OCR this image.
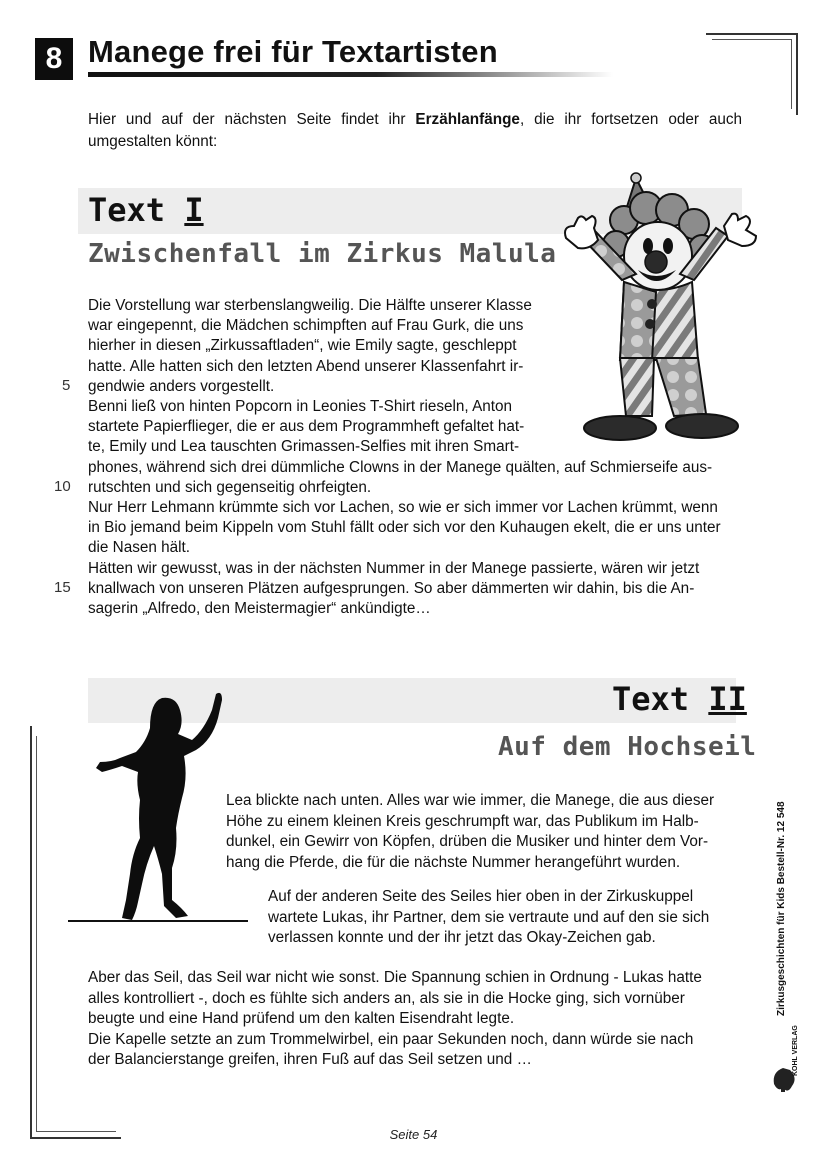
8 Manege frei für Textartisten
Hier und auf der nächsten Seite findet ihr Erzählanfänge, die ihr fortsetzen oder auch umgestalten könnt:
Text I
Zwischenfall im Zirkus Malula
Die Vorstellung war sterbenslangweilig. Die Hälfte unserer Klasse
war eingepennt, die Mädchen schimpften auf Frau Gurk, die uns
hierher in diesen „Zirkussaftladen“, wie Emily sagte, geschleppt
hatte. Alle hatten sich den letzten Abend unserer Klassenfahrt ir-
gendwie anders vorgestellt.
Benni ließ von hinten Popcorn in Leonies T-Shirt rieseln, Anton
startete Papierflieger, die er aus dem Programmheft gefaltet hat-
te, Emily und Lea tauschten Grimassen-Selfies mit ihren Smart-
phones, während sich drei dümmliche Clowns in der Manege quälten, auf Schmierseife aus-
rutschten und sich gegenseitig ohrfeigten.
Nur Herr Lehmann krümmte sich vor Lachen, so wie er sich immer vor Lachen krümmt, wenn
in Bio jemand beim Kippeln vom Stuhl fällt oder sich vor den Kuhaugen ekelt, die er uns unter
die Nasen hält.
Hätten wir gewusst, was in der nächsten Nummer in der Manege passierte, wären wir jetzt
knallwach von unseren Plätzen aufgesprungen. So aber dämmerten wir dahin, bis die An-
sagerin „Alfredo, den Meistermagier“ ankündigte…
5
10
15
Text II
Auf dem Hochseil
Lea blickte nach unten. Alles war wie immer, die Manege, die aus dieser
Höhe zu einem kleinen Kreis geschrumpft war, das Publikum im Halb-
dunkel, ein Gewirr von Köpfen, drüben die Musiker und hinter dem Vor-
hang die Pferde, die für die nächste Nummer herangeführt wurden.
Auf der anderen Seite des Seiles hier oben in der Zirkuskuppel
wartete Lukas, ihr Partner, dem sie vertraute und auf den sie sich
verlassen konnte und der ihr jetzt das Okay-Zeichen gab.
Aber das Seil, das Seil war nicht wie sonst. Die Spannung schien in Ordnung - Lukas hatte
alles kontrolliert -, doch es fühlte sich anders an, als sie in die Hocke ging, sich vornüber
beugte und eine Hand prüfend um den kalten Eisendraht legte.
Die Kapelle setzte an zum Trommelwirbel, ein paar Sekunden noch, dann würde sie nach
der Balancierstange greifen, ihren Fuß auf das Seil setzen und …
Zirkusgeschichten für Kids Bestell-Nr. 12 548
KOHL VERLAG
Seite 54
